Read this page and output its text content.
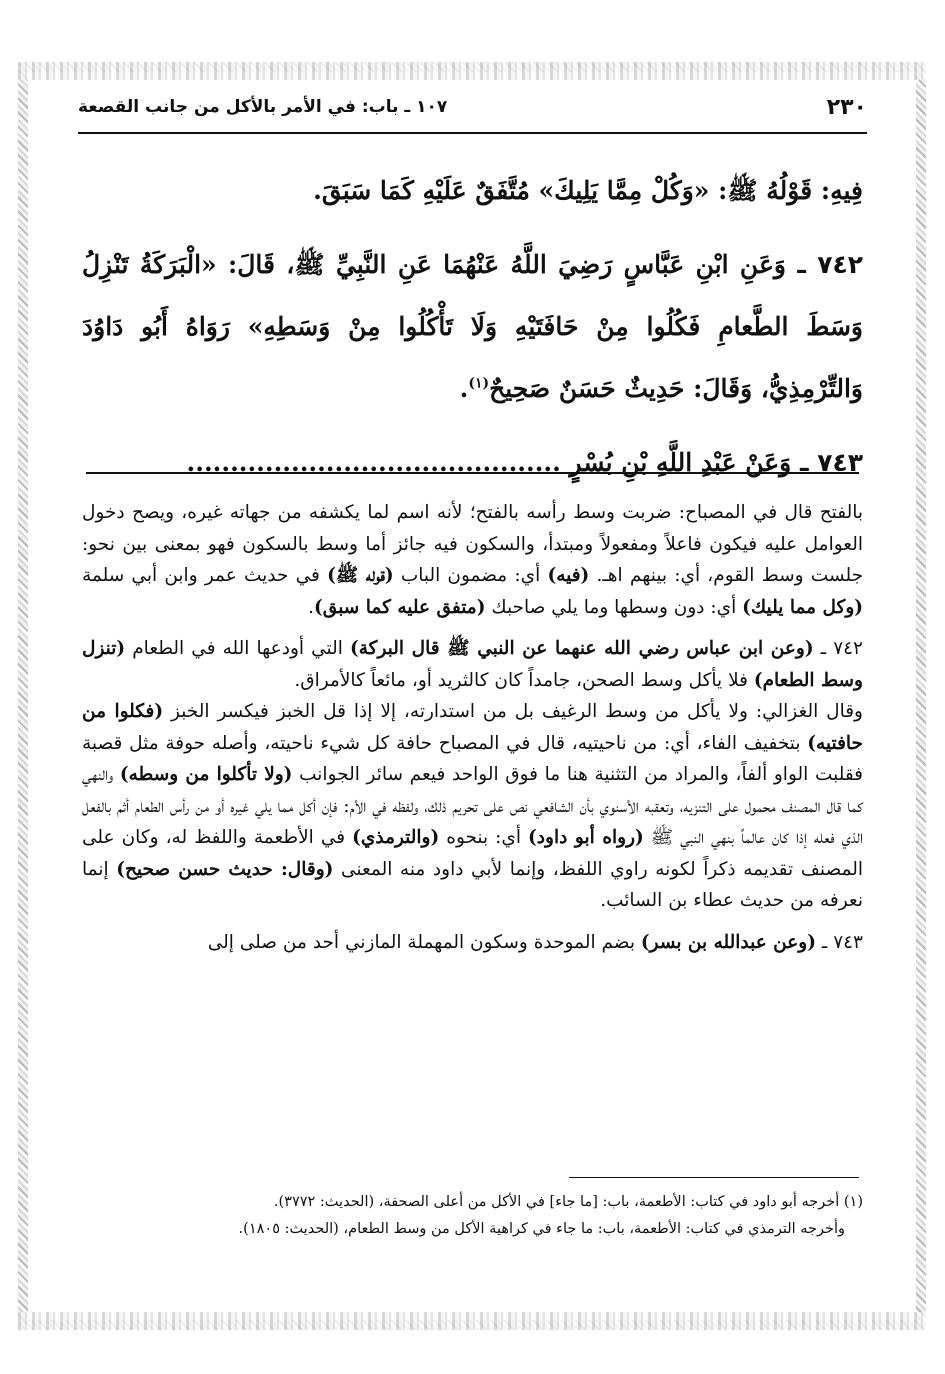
٢٣٠
١٠٧ ـ باب: في الأمر بالأكل من جانب القصعة

فِيهِ: قَوْلُهُ ﷺ: «وَكُلْ مِمَّا يَلِيكَ» مُتَّفَقٌ عَلَيْهِ كَمَا سَبَقَ.

٧٤٢ ـ وَعَنِ ابْنِ عَبَّاسٍ رَضِيَ اللَّهُ عَنْهُمَا عَنِ النَّبِيِّ ﷺ، قَالَ: «الْبَرَكَةُ تَنْزِلُ وَسَطَ الطَّعامِ فَكُلُوا مِنْ حَافَتَيْهِ وَلَا تَأْكُلُوا مِنْ وَسَطِهِ» رَوَاهُ أَبُو دَاوُدَ وَالتِّرْمِذِيُّ، وَقَالَ: حَدِيثٌ حَسَنٌ صَحِيحٌ$^{(١)}$.

٧٤٣ ـ وَعَنْ عَبْدِ اللَّهِ بْنِ بُسْرٍ ...........................................

بالفتح قال في المصباح: ضربت وسط رأسه بالفتح؛ لأنه اسم لما يكشفه من جهاته غيره، ويصح دخول العوامل عليه فيكون فاعلاً ومفعولاً ومبتدأ، والسكون فيه جائز أما وسط بالسكون فهو بمعنى بين نحو: جلست وسط القوم، أي: بينهم اهـ. (فيه) أي: مضمون الباب (قوله ﷺ) في حديث عمر وابن أبي سلمة (وكل مما يليك) أي: دون وسطها وما يلي صاحبك (متفق عليه كما سبق).

٧٤٢ ـ (وعن ابن عباس رضي الله عنهما عن النبي ﷺ قال البركة) التي أودعها الله في الطعام (تنزل وسط الطعام) فلا يأكل وسط الصحن، جامداً كان كالثريد أو، مائعاً كالأمراق.

وقال الغزالي: ولا يأكل من وسط الرغيف بل من استدارته، إلا إذا قل الخبز فيكسر الخبز (فكلوا من حافتيه) بتخفيف الفاء، أي: من ناحيتيه، قال في المصباح حافة كل شيء ناحيته، وأصله حوفة مثل قصبة فقلبت الواو ألفاً، والمراد من التثنية هنا ما فوق الواحد فيعم سائر الجوانب (ولا تأكلوا من وسطه) والنهي كما قال المصنف محمول على التنزيه، وتعقبه الأسنوي بأن الشافعي نص على تحريم ذلك، ولفظه في الأم: فإن أكل مما يلي غيره أو من رأس الطعام أثم بالفعل الذي فعله إذا كان عالماً بنهي النبي ﷺ (رواه أبو داود) أي: بنحوه (والترمذي) في الأطعمة واللفظ له، وكان على المصنف تقديمه ذكراً لكونه راوي اللفظ، وإنما لأبي داود منه المعنى (وقال: حديث حسن صحيح) إنما نعرفه من حديث عطاء بن السائب.

٧٤٣ ـ (وعن عبدالله بن بسر) بضم الموحدة وسكون المهملة المازني أحد من صلى إلى

(١) أخرجه أبو داود في كتاب: الأطعمة، باب: [ما جاء] في الأكل من أعلى الصحفة، (الحديث: ٣٧٧٢).

وأخرجه الترمذي في كتاب: الأطعمة، باب: ما جاء في كراهية الأكل من وسط الطعام، (الحديث: ١٨٠٥).
